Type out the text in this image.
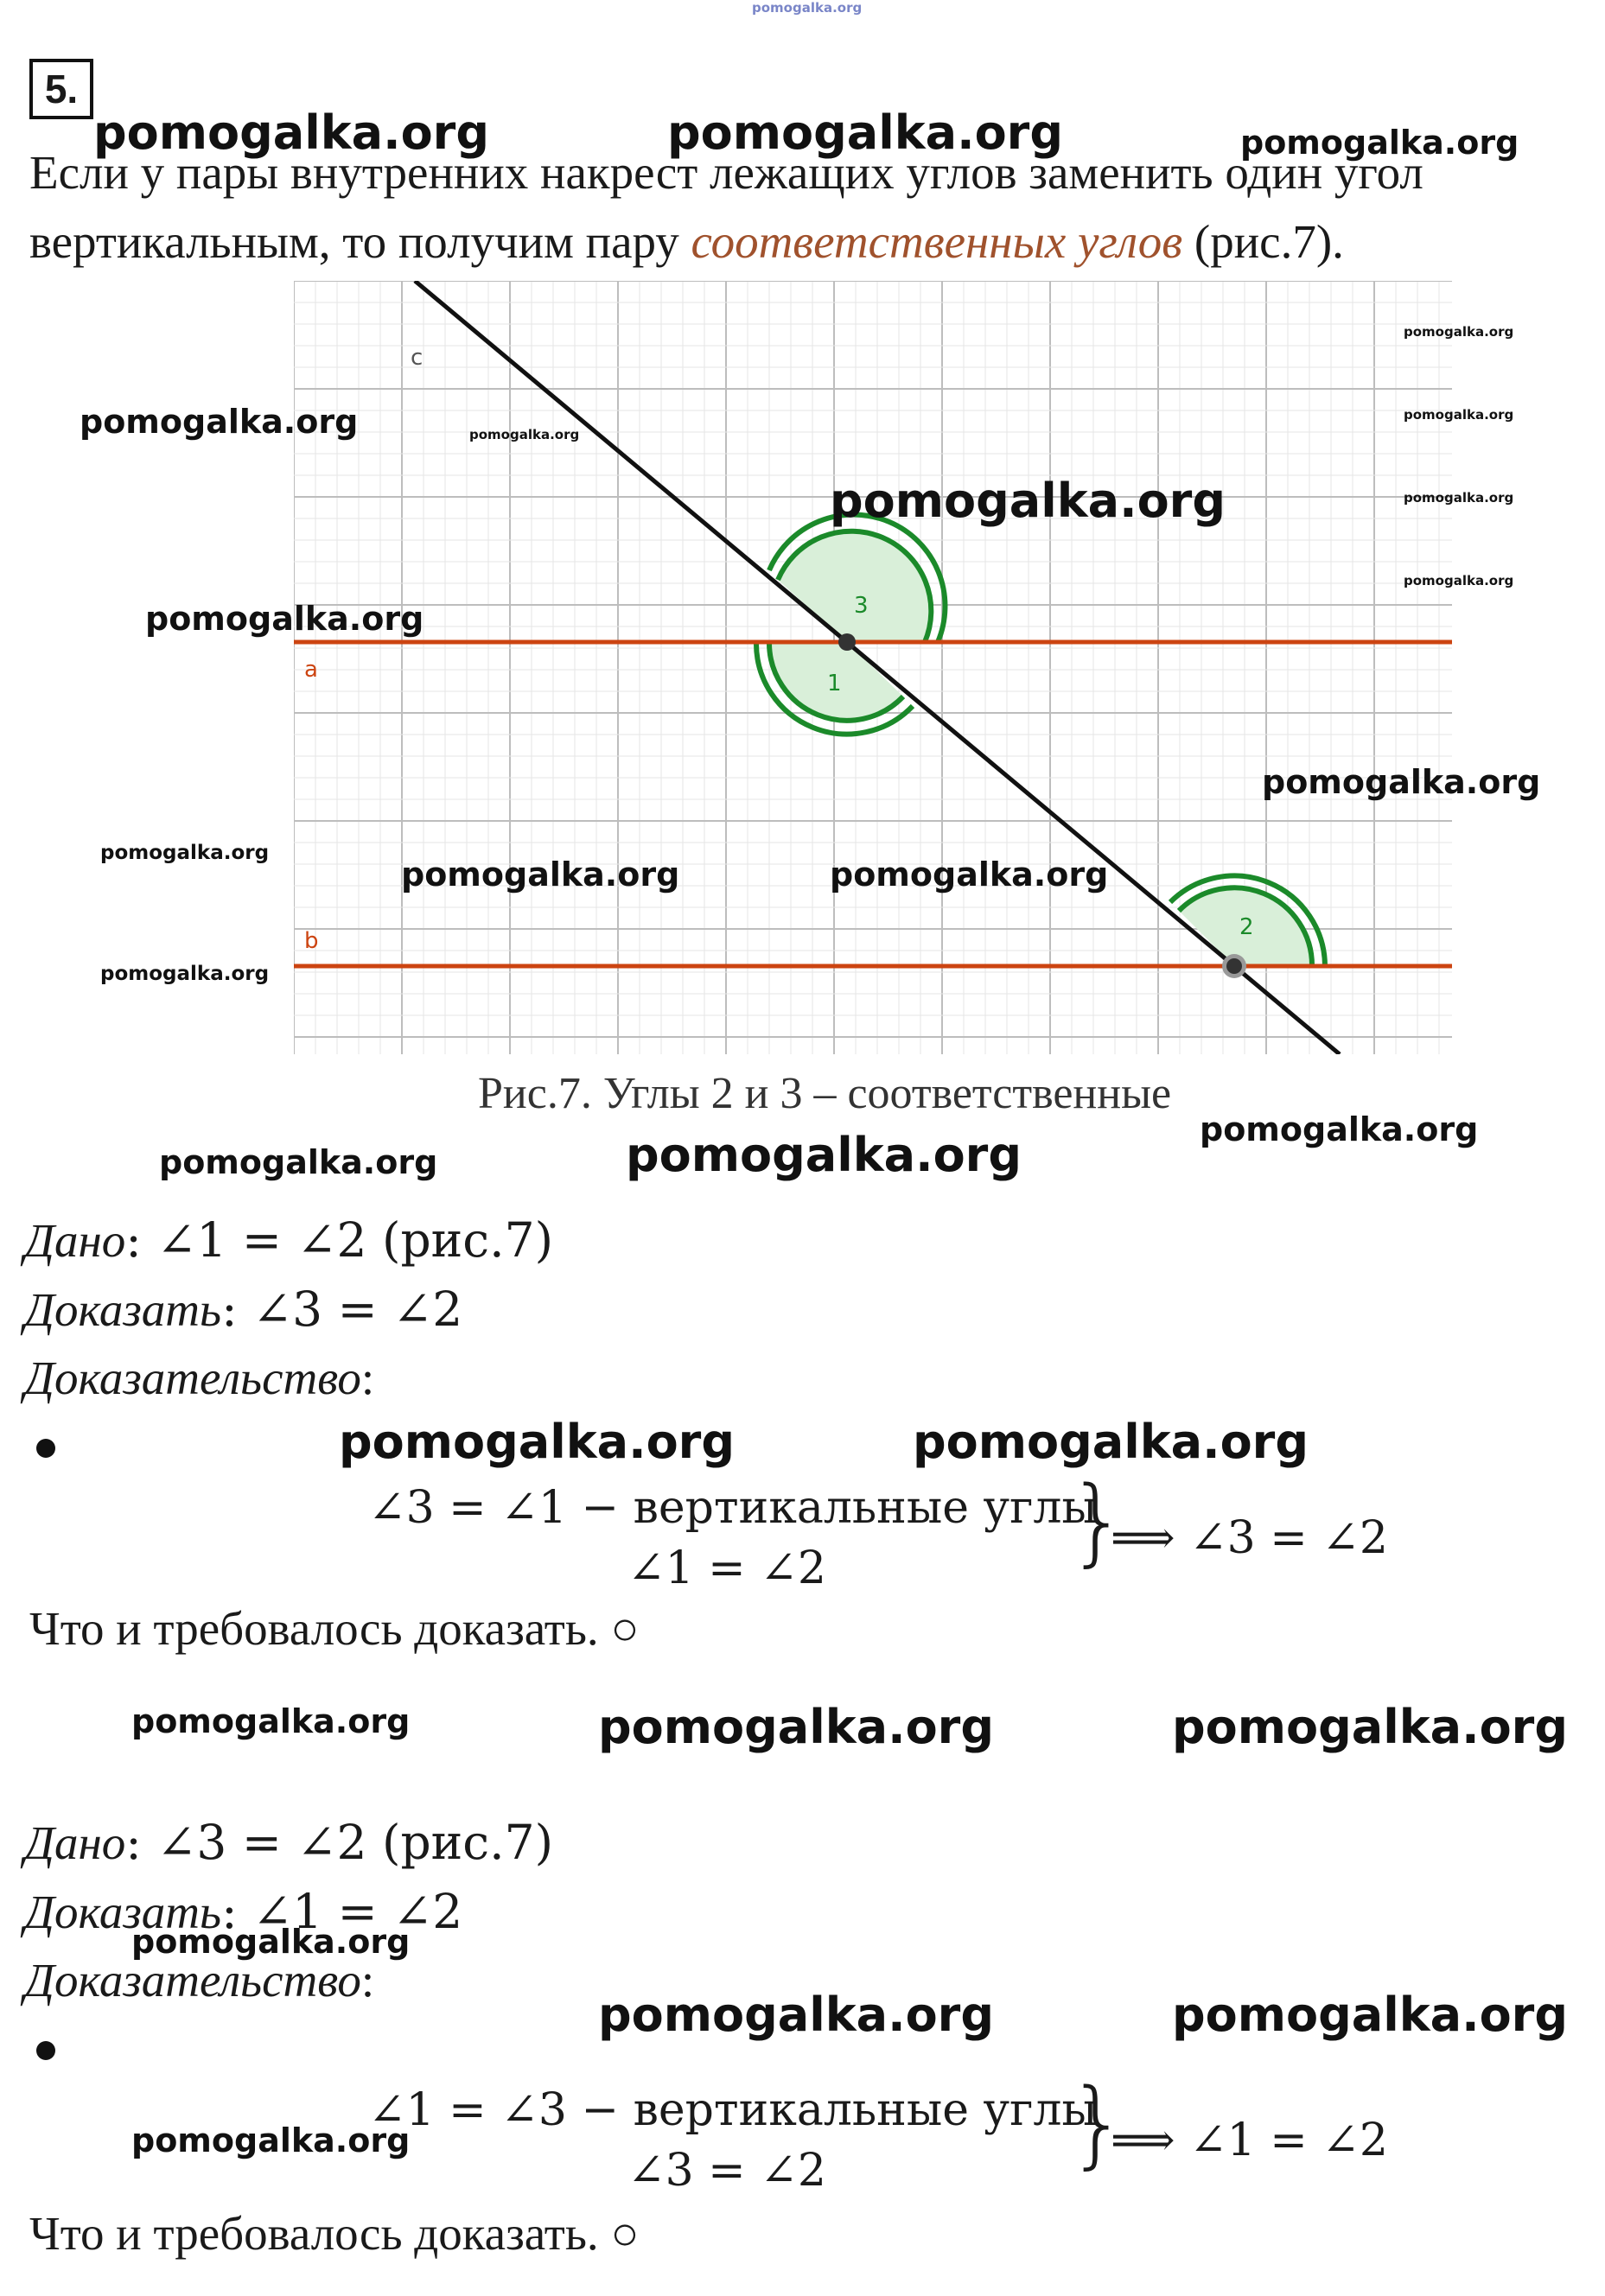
pomogalka.org
5.
Если у пары внутренних накрест лежащих углов заменить один угол
вертикальным, то получим пару соответственных углов (рис.7).
c
a
b
3
1
2
Рис.7. Углы 2 и 3 – соответственные
Дано: ∠1 = ∠2 (рис.7)
Доказать: ∠3 = ∠2
Доказательство:
∠3 = ∠1 − вертикальные углы
∠1 = ∠2	}
⟹ ∠3 = ∠2
Что и требовалось доказать. ○
Дано: ∠3 = ∠2 (рис.7)
Доказать: ∠1 = ∠2
Доказательство:
∠1 = ∠3 − вертикальные углы
∠3 = ∠2	}
⟹ ∠1 = ∠2
Что и требовалось доказать. ○
pomogalka.org	pomogalka.org	pomogalka.org
pomogalka.org
pomogalka.org
pomogalka.org
pomogalka.org
pomogalka.org	pomogalka.org
pomogalka.org
pomogalka.org
pomogalka.org
pomogalka.org
pomogalka.org	pomogalka.org
pomogalka.org
pomogalka.org
pomogalka.org	pomogalka.org
pomogalka.org	pomogalka.org
pomogalka.org	pomogalka.org	pomogalka.org
pomogalka.org
pomogalka.org	pomogalka.org
pomogalka.org
